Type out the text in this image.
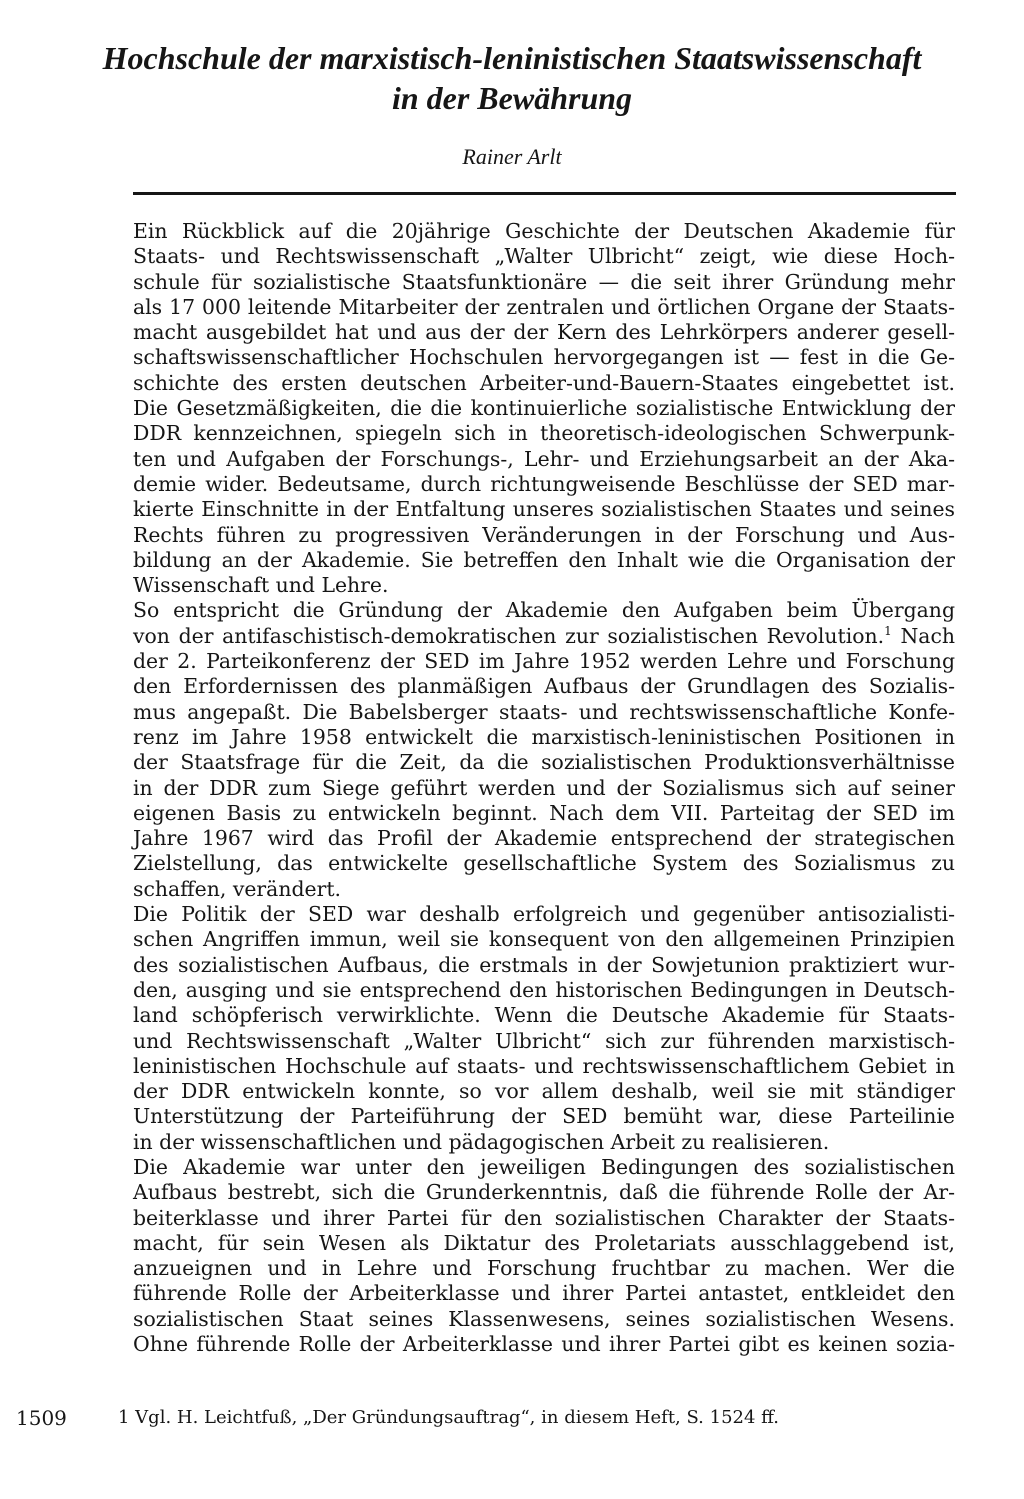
Hochschule der marxistisch-leninistischen Staatswissenschaft
in der Bewährung

Rainer Arlt

Ein Rückblick auf die 20jährige Geschichte der Deutschen Akademie für
Staats- und Rechtswissenschaft „Walter Ulbricht“ zeigt, wie diese Hoch-
schule für sozialistische Staatsfunktionäre — die seit ihrer Gründung mehr
als 17 000 leitende Mitarbeiter der zentralen und örtlichen Organe der Staats-
macht ausgebildet hat und aus der der Kern des Lehrkörpers anderer gesell-
schaftswissenschaftlicher Hochschulen hervorgegangen ist — fest in die Ge-
schichte des ersten deutschen Arbeiter-und-Bauern-Staates eingebettet ist.
Die Gesetzmäßigkeiten, die die kontinuierliche sozialistische Entwicklung der
DDR kennzeichnen, spiegeln sich in theoretisch-ideologischen Schwerpunk-
ten und Aufgaben der Forschungs-, Lehr- und Erziehungsarbeit an der Aka-
demie wider. Bedeutsame, durch richtungweisende Beschlüsse der SED mar-
kierte Einschnitte in der Entfaltung unseres sozialistischen Staates und seines
Rechts führen zu progressiven Veränderungen in der Forschung und Aus-
bildung an der Akademie. Sie betreffen den Inhalt wie die Organisation der
Wissenschaft und Lehre.
So entspricht die Gründung der Akademie den Aufgaben beim Übergang
von der antifaschistisch-demokratischen zur sozialistischen Revolution.$^1$ Nach
der 2. Parteikonferenz der SED im Jahre 1952 werden Lehre und Forschung
den Erfordernissen des planmäßigen Aufbaus der Grundlagen des Sozialis-
mus angepaßt. Die Babelsberger staats- und rechtswissenschaftliche Konfe-
renz im Jahre 1958 entwickelt die marxistisch-leninistischen Positionen in
der Staatsfrage für die Zeit, da die sozialistischen Produktionsverhältnisse
in der DDR zum Siege geführt werden und der Sozialismus sich auf seiner
eigenen Basis zu entwickeln beginnt. Nach dem VII. Parteitag der SED im
Jahre 1967 wird das Profil der Akademie entsprechend der strategischen
Zielstellung, das entwickelte gesellschaftliche System des Sozialismus zu
schaffen, verändert.
Die Politik der SED war deshalb erfolgreich und gegenüber antisozialisti-
schen Angriffen immun, weil sie konsequent von den allgemeinen Prinzipien
des sozialistischen Aufbaus, die erstmals in der Sowjetunion praktiziert wur-
den, ausging und sie entsprechend den historischen Bedingungen in Deutsch-
land schöpferisch verwirklichte. Wenn die Deutsche Akademie für Staats-
und Rechtswissenschaft „Walter Ulbricht“ sich zur führenden marxistisch-
leninistischen Hochschule auf staats- und rechtswissenschaftlichem Gebiet in
der DDR entwickeln konnte, so vor allem deshalb, weil sie mit ständiger
Unterstützung der Parteiführung der SED bemüht war, diese Parteilinie
in der wissenschaftlichen und pädagogischen Arbeit zu realisieren.
Die Akademie war unter den jeweiligen Bedingungen des sozialistischen
Aufbaus bestrebt, sich die Grunderkenntnis, daß die führende Rolle der Ar-
beiterklasse und ihrer Partei für den sozialistischen Charakter der Staats-
macht, für sein Wesen als Diktatur des Proletariats ausschlaggebend ist,
anzueignen und in Lehre und Forschung fruchtbar zu machen. Wer die
führende Rolle der Arbeiterklasse und ihrer Partei antastet, entkleidet den
sozialistischen Staat seines Klassenwesens, seines sozialistischen Wesens.
Ohne führende Rolle der Arbeiterklasse und ihrer Partei gibt es keinen sozia-
1509	1 Vgl. H. Leichtfuß, „Der Gründungsauftrag“, in diesem Heft, S. 1524 ff.
